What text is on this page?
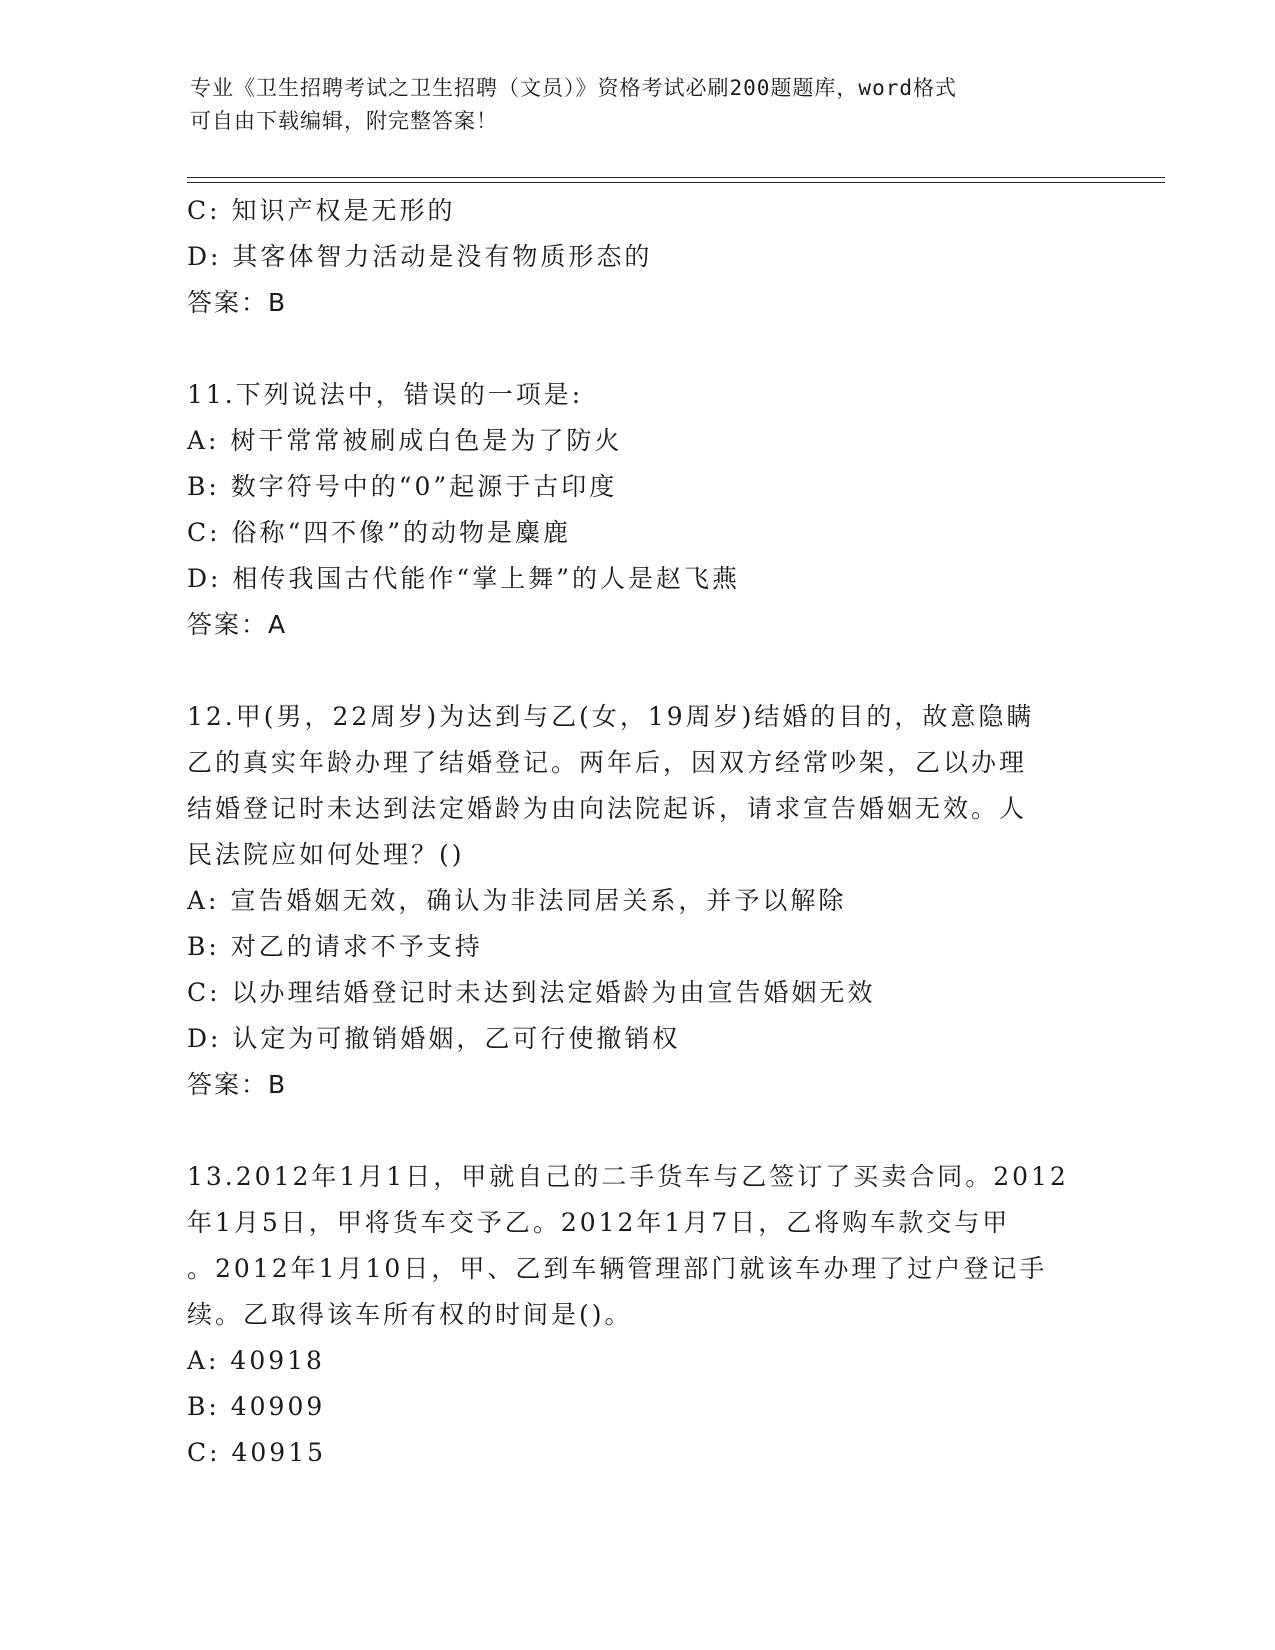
专业《卫生招聘考试之卫生招聘（文员）》资格考试必刷200题题库，word格式
可自由下载编辑，附完整答案！
C: 知识产权是无形的
D: 其客体智力活动是没有物质形态的
答案：B
11.下列说法中，错误的一项是:
A: 树干常常被刷成白色是为了防火
B: 数字符号中的“0”起源于古印度
C: 俗称“四不像”的动物是麋鹿
D: 相传我国古代能作“掌上舞”的人是赵飞燕
答案：A
12.甲(男，22周岁)为达到与乙(女，19周岁)结婚的目的，故意隐瞒
乙的真实年龄办理了结婚登记。两年后，因双方经常吵架，乙以办理
结婚登记时未达到法定婚龄为由向法院起诉，请求宣告婚姻无效。人
民法院应如何处理？()
A: 宣告婚姻无效，确认为非法同居关系，并予以解除
B: 对乙的请求不予支持
C: 以办理结婚登记时未达到法定婚龄为由宣告婚姻无效
D: 认定为可撤销婚姻，乙可行使撤销权
答案：B
13.2012年1月1日，甲就自己的二手货车与乙签订了买卖合同。2012
年1月5日，甲将货车交予乙。2012年1月7日，乙将购车款交与甲
。2012年1月10日，甲、乙到车辆管理部门就该车办理了过户登记手
续。乙取得该车所有权的时间是()。
A: 40918
B: 40909
C: 40915
